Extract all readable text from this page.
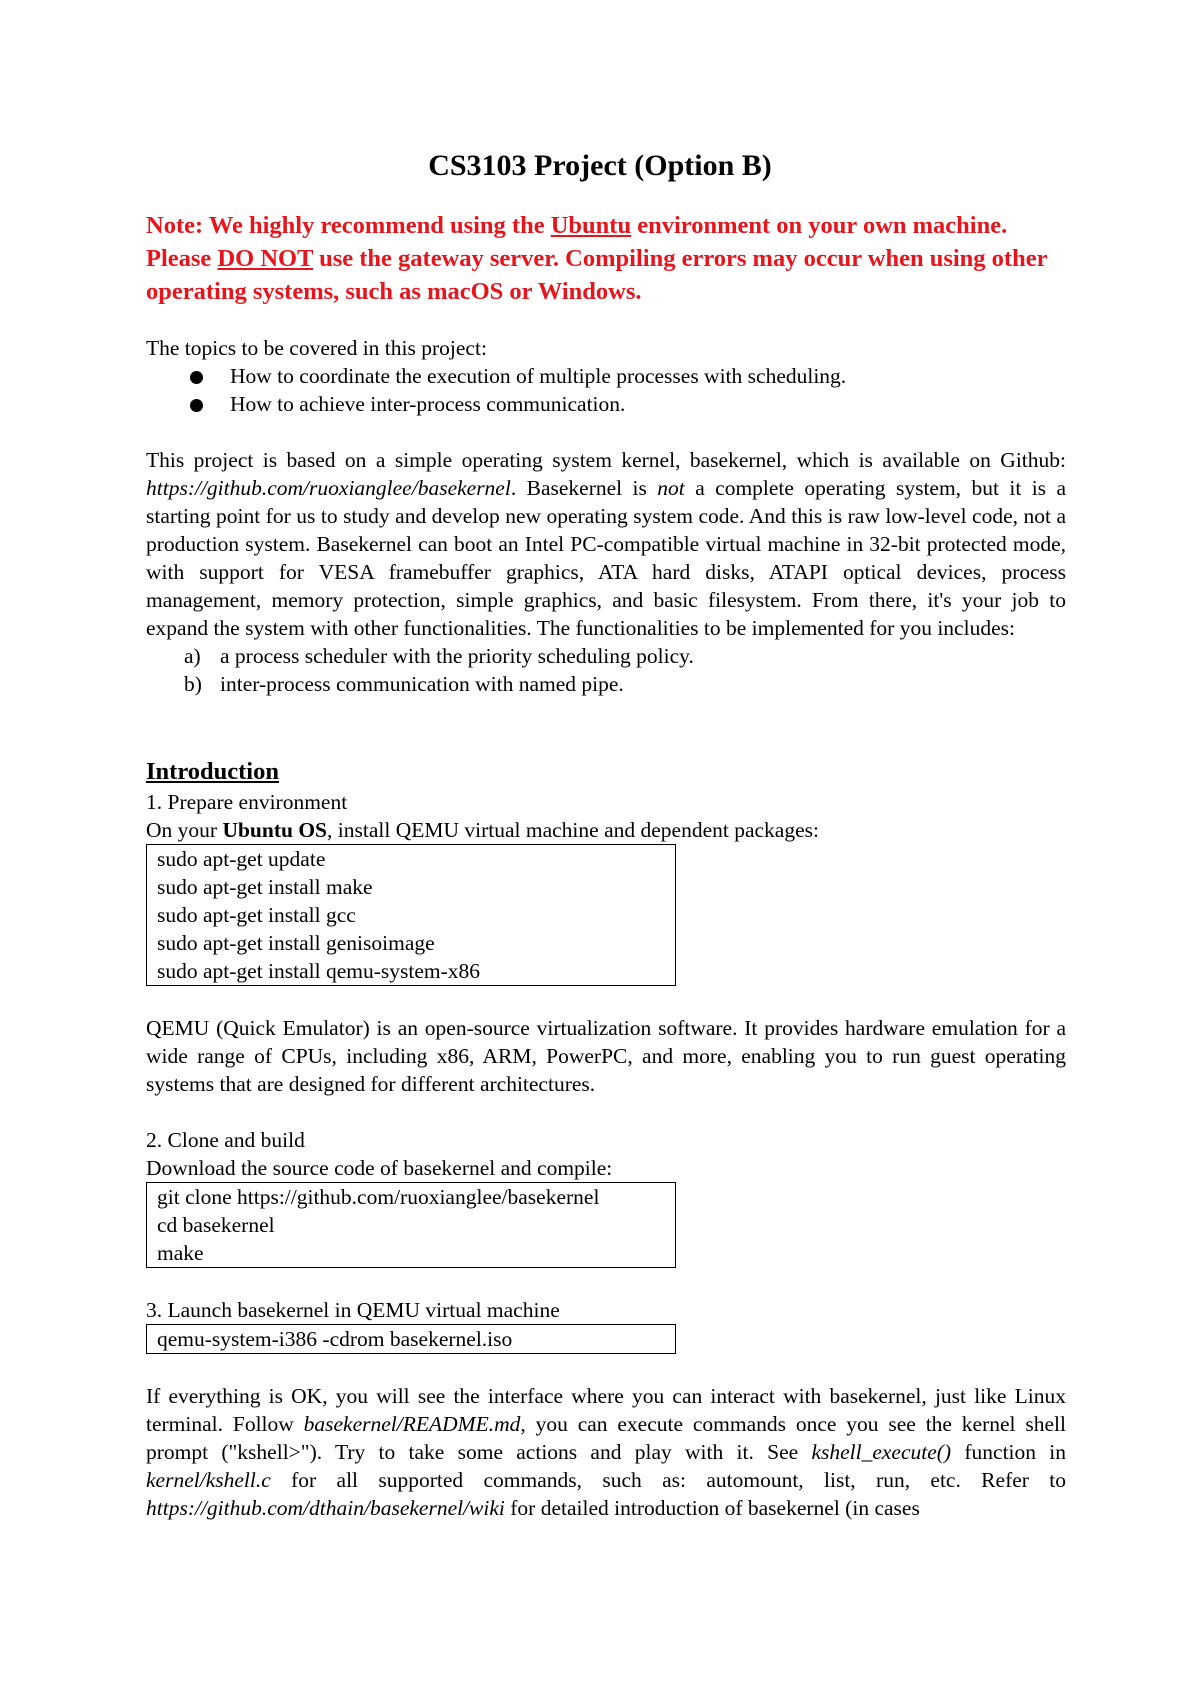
CS3103 Project (Option B)
Note: We highly recommend using the Ubuntu environment on your own machine. Please DO NOT use the gateway server. Compiling errors may occur when using other operating systems, such as macOS or Windows.
The topics to be covered in this project:
How to coordinate the execution of multiple processes with scheduling.
How to achieve inter-process communication.

This project is based on a simple operating system kernel, basekernel, which is available on Github: https://github.com/ruoxianglee/basekernel. Basekernel is not a complete operating system, but it is a starting point for us to study and develop new operating system code. And this is raw low-level code, not a production system. Basekernel can boot an Intel PC-compatible virtual machine in 32-bit protected mode, with support for VESA framebuffer graphics, ATA hard disks, ATAPI optical devices, process management, memory protection, simple graphics, and basic filesystem. From there, it's your job to expand the system with other functionalities. The functionalities to be implemented for you includes:

a) a process scheduler with the priority scheduling policy.
b) inter-process communication with named pipe.
Introduction
1. Prepare environment
On your Ubuntu OS, install QEMU virtual machine and dependent packages:
sudo apt-get update
sudo apt-get install make
sudo apt-get install gcc
sudo apt-get install genisoimage
sudo apt-get install qemu-system-x86
QEMU (Quick Emulator) is an open-source virtualization software. It provides hardware emulation for a wide range of CPUs, including x86, ARM, PowerPC, and more, enabling you to run guest operating systems that are designed for different architectures.
2. Clone and build
Download the source code of basekernel and compile:
git clone https://github.com/ruoxianglee/basekernel
cd basekernel
make
3. Launch basekernel in QEMU virtual machine
qemu-system-i386 -cdrom basekernel.iso
If everything is OK, you will see the interface where you can interact with basekernel, just like Linux terminal. Follow basekernel/README.md, you can execute commands once you see the kernel shell prompt ("kshell>"). Try to take some actions and play with it. See kshell_execute() function in kernel/kshell.c for all supported commands, such as: automount, list, run, etc. Refer to https://github.com/dthain/basekernel/wiki for detailed introduction of basekernel (in cases
